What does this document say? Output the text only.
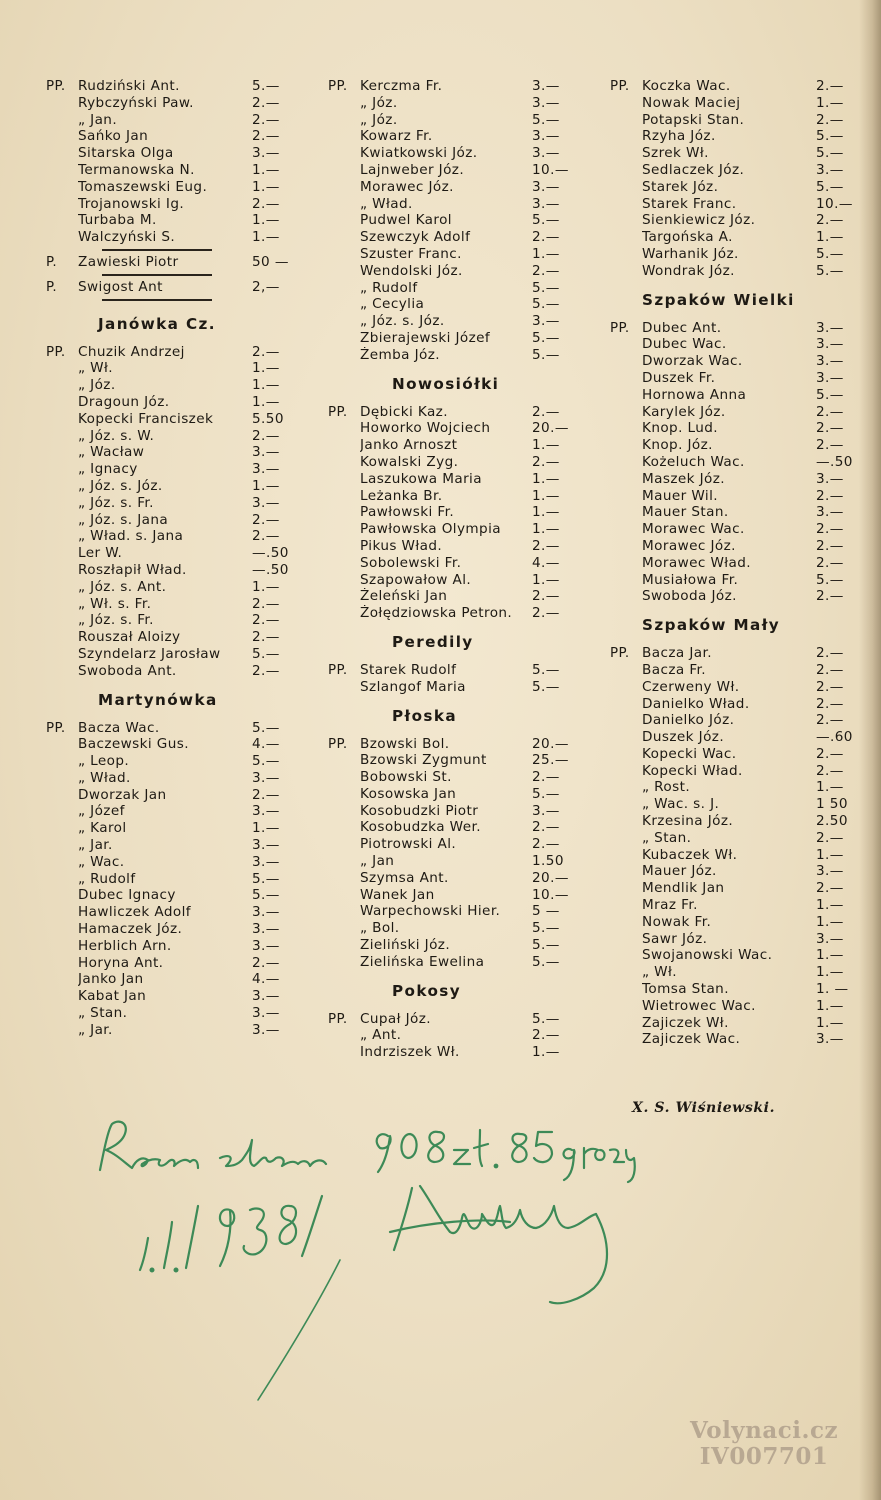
PP. Rudziński Ant.	5.—
Rybczyński Paw.	2.—
„ Jan.	2.—
Sańko Jan	2.—
Sitarska Olga	3.—
Termanowska N.	1.—
Tomaszewski Eug.	1.—
Trojanowski Ig.	2.—
Turbaba M.	1.—
Walczyński S.	1.—
P.	Zawieski Piotr	50 —
P.	Swigost Ant	2,—
Janówka Cz.
PP. Chuzik Andrzej	2.—
„ Wł.	1.—
„ Józ.	1.—
Dragoun Józ.	1.—
Kopecki Franciszek	5.50
„ Józ. s. W.	2.—
„ Wacław	3.—
„ Ignacy	3.—
„ Józ. s. Józ.	1.—
„ Józ. s. Fr.	3.—
„ Józ. s. Jana	2.—
„ Wład. s. Jana	2.—
Ler W.	—.50
Roszłapił Wład.	—.50
„ Józ. s. Ant.	1.—
„ Wł. s. Fr.	2.—
„ Józ. s. Fr.	2.—
Rouszał Aloizy	2.—
Szyndelarz Jarosław	5.—
Swoboda Ant.	2.—
Martynówka
PP. Bacza Wac.	5.—
Baczewski Gus.	4.—
„ Leop.	5.—
„ Wład.	3.—
Dworzak Jan	2.—
„ Józef	3.—
„ Karol	1.—
„ Jar.	3.—
„ Wac.	3.—
„ Rudolf	5.—
Dubec Ignacy	5.—
Hawliczek Adolf	3.—
Hamaczek Józ.	3.—
Herblich Arn.	3.—
Horyna Ant.	2.—
Janko Jan	4.—
Kabat Jan	3.—
„ Stan.	3.—
„ Jar.	3.—
PP. Kerczma Fr.	3.—
„ Józ.	3.—
„ Józ.	5.—
Kowarz Fr.	3.—
Kwiatkowski Józ.	3.—
Lajnweber Józ.	10.—
Morawec Józ.	3.—
„ Wład.	3.—
Pudwel Karol	5.—
Szewczyk Adolf	2.—
Szuster Franc.	1.—
Wendolski Józ.	2.—
„ Rudolf	5.—
„ Cecylia	5.—
„ Józ. s. Józ.	3.—
Zbierajewski Józef	5.—
Żemba Józ.	5.—
Nowosiółki
PP. Dębicki Kaz.	2.—
Howorko Wojciech	20.—
Janko Arnoszt	1.—
Kowalski Zyg.	2.—
Laszukowa Maria	1.—
Leżanka Br.	1.—
Pawłowski Fr.	1.—
Pawłowska Olympia	1.—
Pikus Wład.	2.—
Sobolewski Fr.	4.—
Szapowałow Al.	1.—
Żeleński Jan	2.—
Żołędziowska Petron.	2.—
Peredily
PP. Starek Rudolf	5.—
Szlangof Maria	5.—
Płoska
PP. Bzowski Bol.	20.—
Bzowski Zygmunt	25.—
Bobowski St.	2.—
Kosowska Jan	5.—
Kosobudzki Piotr	3.—
Kosobudzka Wer.	2.—
Piotrowski Al.	2.—
„ Jan	1.50
Szymsa Ant.	20.—
Wanek Jan	10.—
Warpechowski Hier.	5 —
„ Bol.	5.—
Zieliński Józ.	5.—
Zielińska Ewelina	5.—
Pokosy
PP. Cupał Józ.	5.—
„ Ant.	2.—
Indrziszek Wł.	1.—
PP. Koczka Wac.	2.—
Nowak Maciej	1.—
Potapski Stan.	2.—
Rzyha Józ.	5.—
Szrek Wł.	5.—
Sedlaczek Józ.	3.—
Starek Józ.	5.—
Starek Franc.	10.—
Sienkiewicz Józ.	2.—
Targońska A.	1.—
Warhanik Józ.	5.—
Wondrak Józ.	5.—
Szpaków Wielki
PP. Dubec Ant.	3.—
Dubec Wac.	3.—
Dworzak Wac.	3.—
Duszek Fr.	3.—
Hornowa Anna	5.—
Karylek Józ.	2.—
Knop. Lud.	2.—
Knop. Józ.	2.—
Kożeluch Wac.	—.50
Maszek Józ.	3.—
Mauer Wil.	2.—
Mauer Stan.	3.—
Morawec Wac.	2.—
Morawec Józ.	2.—
Morawec Wład.	2.—
Musiałowa Fr.	5.—
Swoboda Józ.	2.—
Szpaków Mały
PP. Bacza Jar.	2.—
Bacza Fr.	2.—
Czerweny Wł.	2.—
Danielko Wład.	2.—
Danielko Józ.	2.—
Duszek Józ.	—.60
Kopecki Wac.	2.—
Kopecki Wład.	2.—
„ Rost.	1.—
„ Wac. s. J.	1 50
Krzesina Józ.	2.50
„ Stan.	2.—
Kubaczek Wł.	1.—
Mauer Józ.	3.—
Mendlik Jan	2.—
Mraz Fr.	1.—
Nowak Fr.	1.—
Sawr Józ.	3.—
Swojanowski Wac.	1.—
„ Wł.	1.—
Tomsa Stan.	1. —
Wietrowec Wac.	1.—
Zajiczek Wł.	1.—
Zajiczek Wac.	3.—
X. S. Wiśniewski.
Volynaci.cz
IV007701
